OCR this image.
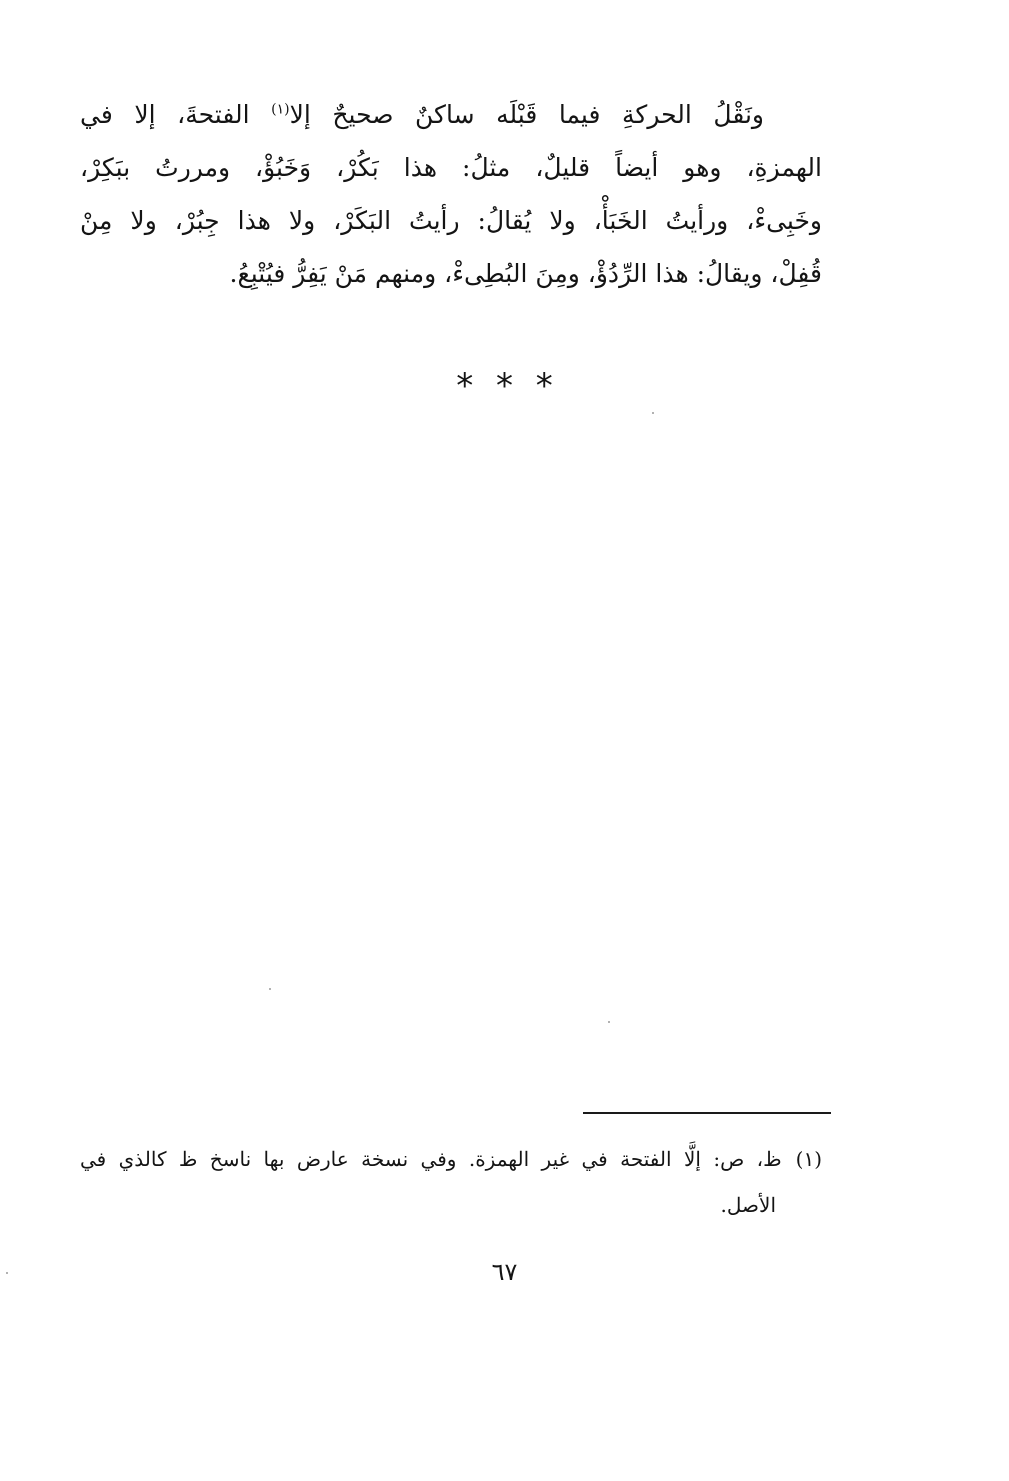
ونَقْلُ الحركةِ فيما قَبْلَه ساكنٌ صحيحٌ إلا$^{(١)}$ الفتحةَ، إلا في
الهمزةِ، وهو أيضاً قليلٌ، مثلُ: هذا بَكُرْ، وَخَبُؤْ، ومررتُ ببَكِرْ،
وخَبِىءْ، ورأيتُ الخَبَأْ، ولا يُقالُ: رأيتُ البَكَرْ، ولا هذا جِبُرْ، ولا مِنْ
قُفِلْ، ويقالُ: هذا الرِّدُؤْ، ومِنَ البُطِىءْ، ومنهم مَنْ يَفِرُّ فيُتْبِعُ.
* * *
(١)ظ، ص: إلَّا الفتحة في غير الهمزة. وفي نسخة عارض بها ناسخ ظ كالذي في
الأصل.
٦٧
